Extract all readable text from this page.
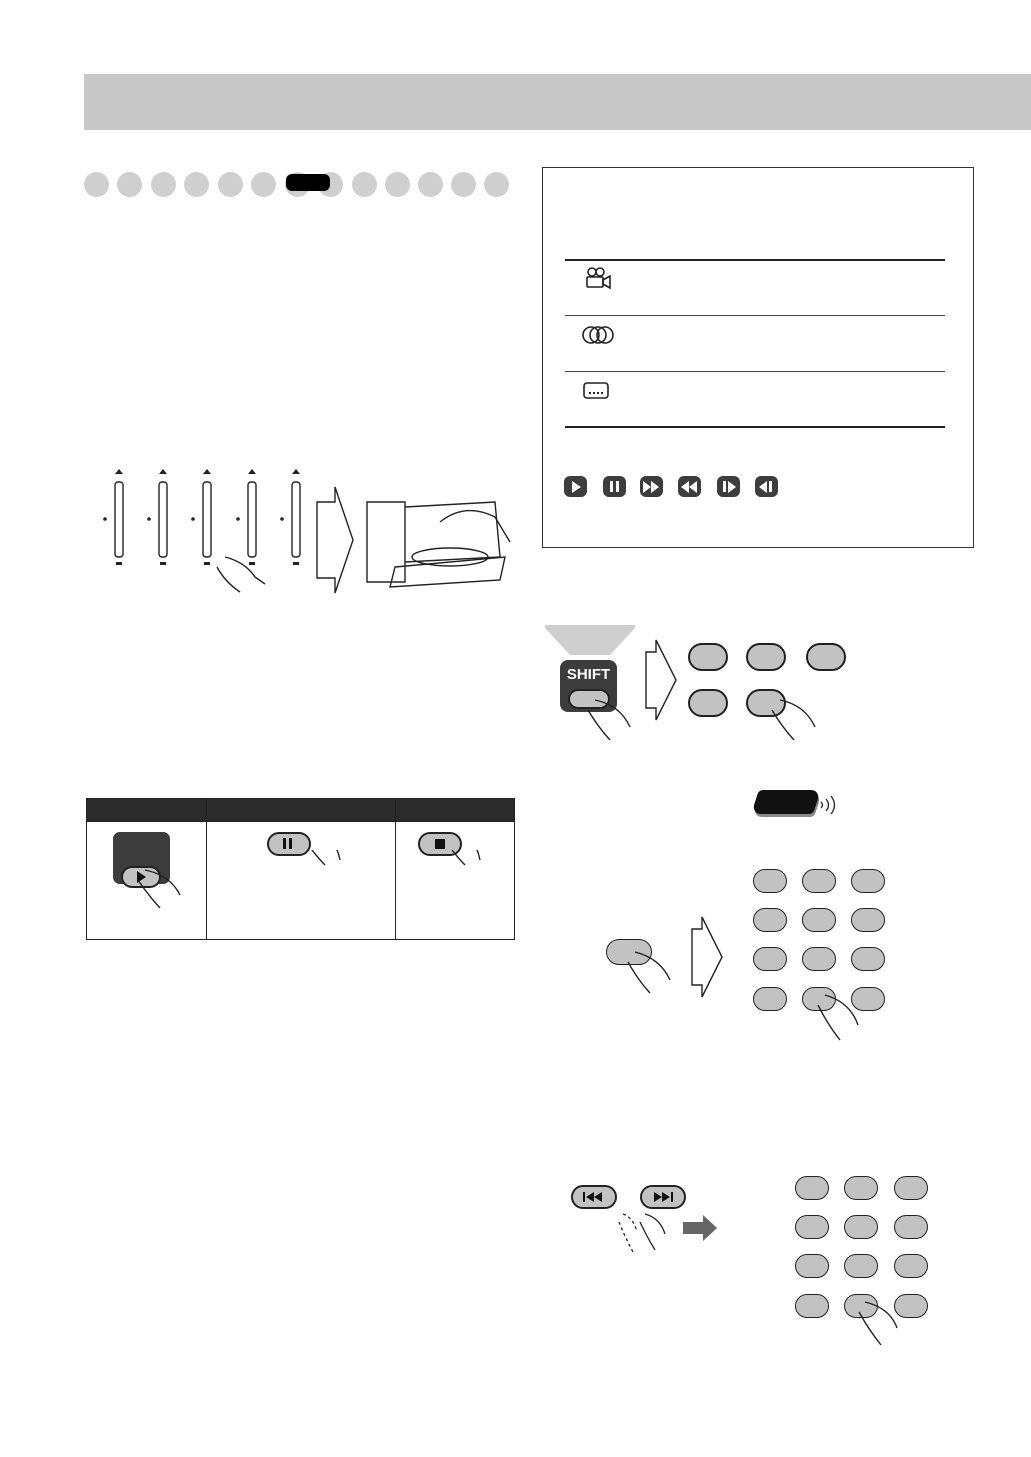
SHIFT
